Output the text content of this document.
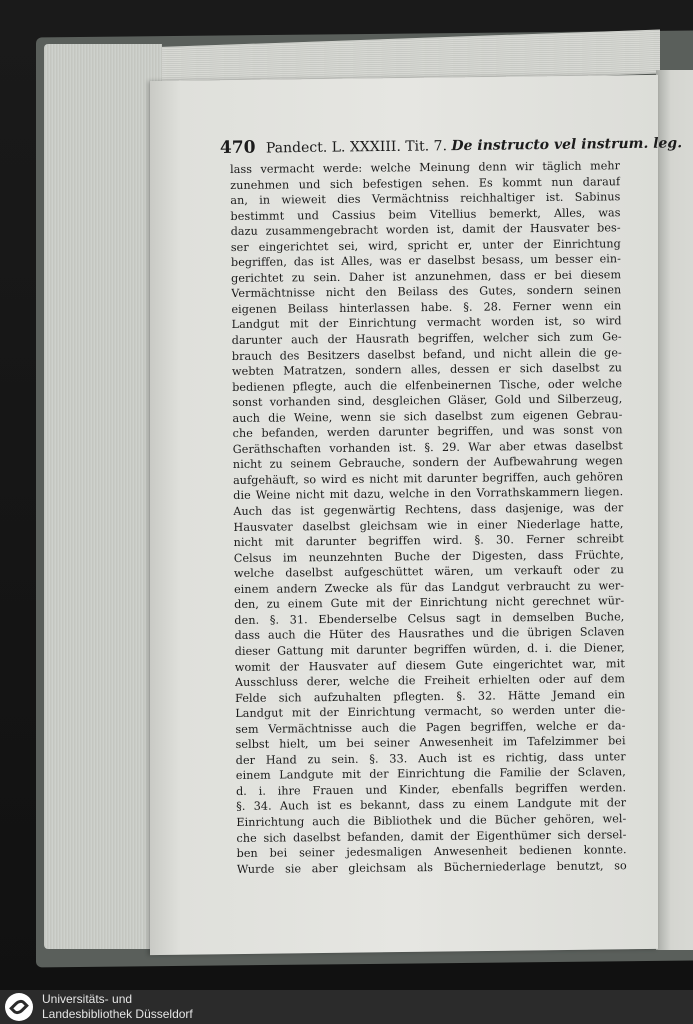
470 Pandect. L. XXXIII. Tit. 7. De instructo vel instrum. leg.
lass vermacht werde: welche Meinung denn wir täglich mehr
zunehmen und sich befestigen sehen. Es kommt nun darauf
an, in wieweit dies Vermächtniss reichhaltiger ist. Sabinus
bestimmt und Cassius beim Vitellius bemerkt, Alles, was
dazu zusammengebracht worden ist, damit der Hausvater bes-
ser eingerichtet sei, wird, spricht er, unter der Einrichtung
begriffen, das ist Alles, was er daselbst besass, um besser ein-
gerichtet zu sein. Daher ist anzunehmen, dass er bei diesem
Vermächtnisse nicht den Beilass des Gutes, sondern seinen
eigenen Beilass hinterlassen habe. §. 28. Ferner wenn ein
Landgut mit der Einrichtung vermacht worden ist, so wird
darunter auch der Hausrath begriffen, welcher sich zum Ge-
brauch des Besitzers daselbst befand, und nicht allein die ge-
webten Matratzen, sondern alles, dessen er sich daselbst zu
bedienen pflegte, auch die elfenbeinernen Tische, oder welche
sonst vorhanden sind, desgleichen Gläser, Gold und Silberzeug,
auch die Weine, wenn sie sich daselbst zum eigenen Gebrau-
che befanden, werden darunter begriffen, und was sonst von
Geräthschaften vorhanden ist. §. 29. War aber etwas daselbst
nicht zu seinem Gebrauche, sondern der Aufbewahrung wegen
aufgehäuft, so wird es nicht mit darunter begriffen, auch gehören
die Weine nicht mit dazu, welche in den Vorrathskammern liegen.
Auch das ist gegenwärtig Rechtens, dass dasjenige, was der
Hausvater daselbst gleichsam wie in einer Niederlage hatte,
nicht mit darunter begriffen wird. §. 30. Ferner schreibt
Celsus im neunzehnten Buche der Digesten, dass Früchte,
welche daselbst aufgeschüttet wären, um verkauft oder zu
einem andern Zwecke als für das Landgut verbraucht zu wer-
den, zu einem Gute mit der Einrichtung nicht gerechnet wür-
den. §. 31. Ebenderselbe Celsus sagt in demselben Buche,
dass auch die Hüter des Hausrathes und die übrigen Sclaven
dieser Gattung mit darunter begriffen würden, d. i. die Diener,
womit der Hausvater auf diesem Gute eingerichtet war, mit
Ausschluss derer, welche die Freiheit erhielten oder auf dem
Felde sich aufzuhalten pflegten. §. 32. Hätte Jemand ein
Landgut mit der Einrichtung vermacht, so werden unter die-
sem Vermächtnisse auch die Pagen begriffen, welche er da-
selbst hielt, um bei seiner Anwesenheit im Tafelzimmer bei
der Hand zu sein. §. 33. Auch ist es richtig, dass unter
einem Landgute mit der Einrichtung die Familie der Sclaven,
d. i. ihre Frauen und Kinder, ebenfalls begriffen werden.
§. 34. Auch ist es bekannt, dass zu einem Landgute mit der
Einrichtung auch die Bibliothek und die Bücher gehören, wel-
che sich daselbst befanden, damit der Eigenthümer sich dersel-
ben bei seiner jedesmaligen Anwesenheit bedienen konnte.
Wurde sie aber gleichsam als Bücherniederlage benutzt, so
Universitäts- und
Landesbibliothek Düsseldorf
